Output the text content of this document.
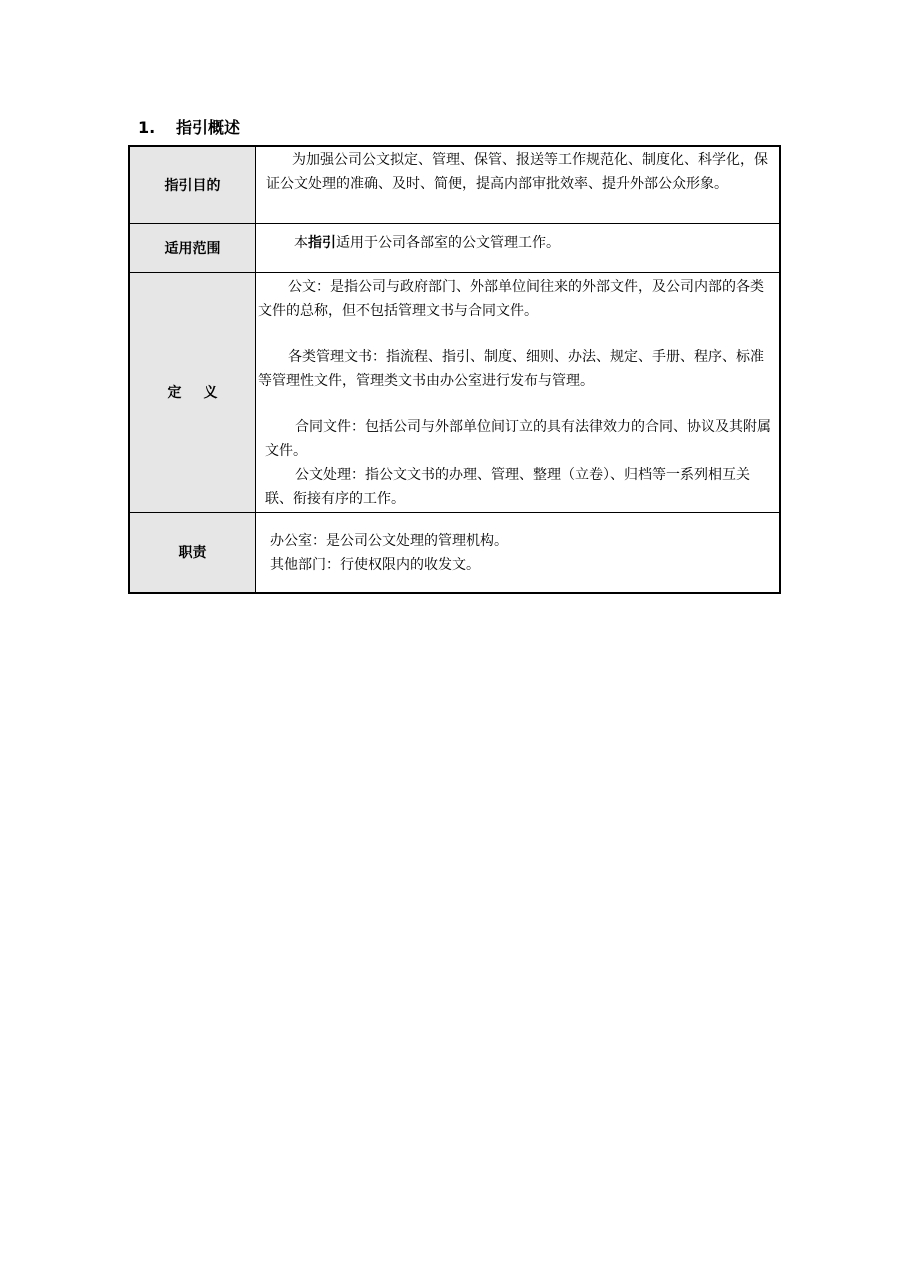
1. 指引概述
指引目的	为加强公司公文拟定、管理、保管、报送等工作规范化、制度化、科学化，保证公文处理的准确、及时、简便，提高内部审批效率、提升外部公众形象。

适用范围	本指引适用于公司各部室的公文管理工作。

定 义	公文：是指公司与政府部门、外部单位间往来的外部文件，及公司内部的各类文件的总称，但不包括管理文书与合同文件。

各类管理文书：指流程、指引、制度、细则、办法、规定、手册、程序、标准等管理性文件，管理类文书由办公室进行发布与管理。

合同文件：包括公司与外部单位间订立的具有法律效力的合同、协议及其附属文件。

公文处理：指公文文书的办理、管理、整理（立卷）、归档等一系列相互关联、衔接有序的工作。

职责	办公室：是公司公文处理的管理机构。

其他部门：行使权限内的收发文。
